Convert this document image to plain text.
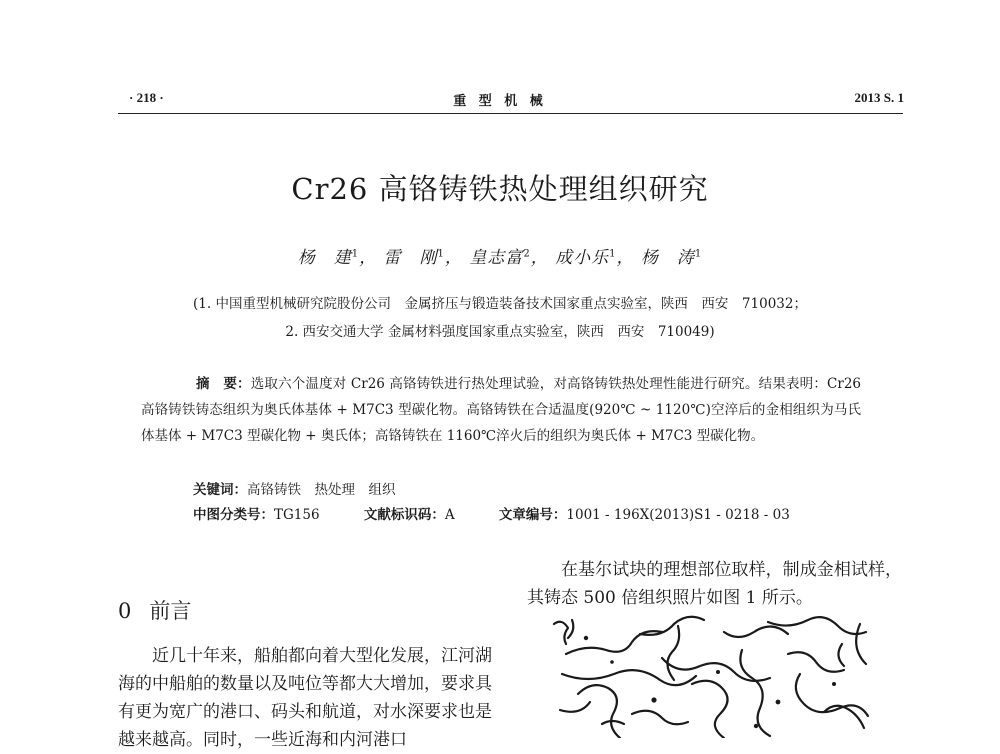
· 218 ·	重 型 机 械	2013 S. 1
Cr26 高铬铸铁热处理组织研究
杨　建$^1$， 雷　刚$^1$， 皇志富$^2$， 成小乐$^1$， 杨　涛$^1$
(1. 中国重型机械研究院股份公司　金属挤压与锻造装备技术国家重点实验室，陕西　西安　710032；
2. 西安交通大学 金属材料强度国家重点实验室，陕西　西安　710049)
摘　要：选取六个温度对 Cr26 高铬铸铁进行热处理试验，对高铬铸铁热处理性能进行研究。结果表明：Cr26 高铬铸铁铸态组织为奥氏体基体 + M7C3 型碳化物。高铬铸铁在合适温度(920℃ ~ 1120℃)空淬后的金相组织为马氏体基体 + M7C3 型碳化物 + 奥氏体；高铬铸铁在 1160℃淬火后的组织为奥氏体 + M7C3 型碳化物。
关键词：高铬铸铁　热处理　组织
中图分类号：TG156	文献标识码：A	文章编号：1001 - 196X(2013)S1 - 0218 - 03
0 前言
近几十年来，船舶都向着大型化发展，江河湖海的中船舶的数量以及吨位等都大大增加，要求具有更为宽广的港口、码头和航道，对水深要求也是越来越高。同时，一些近海和内河港口
在基尔试块的理想部位取样，制成金相试样，其铸态 500 倍组织照片如图 1 所示。
